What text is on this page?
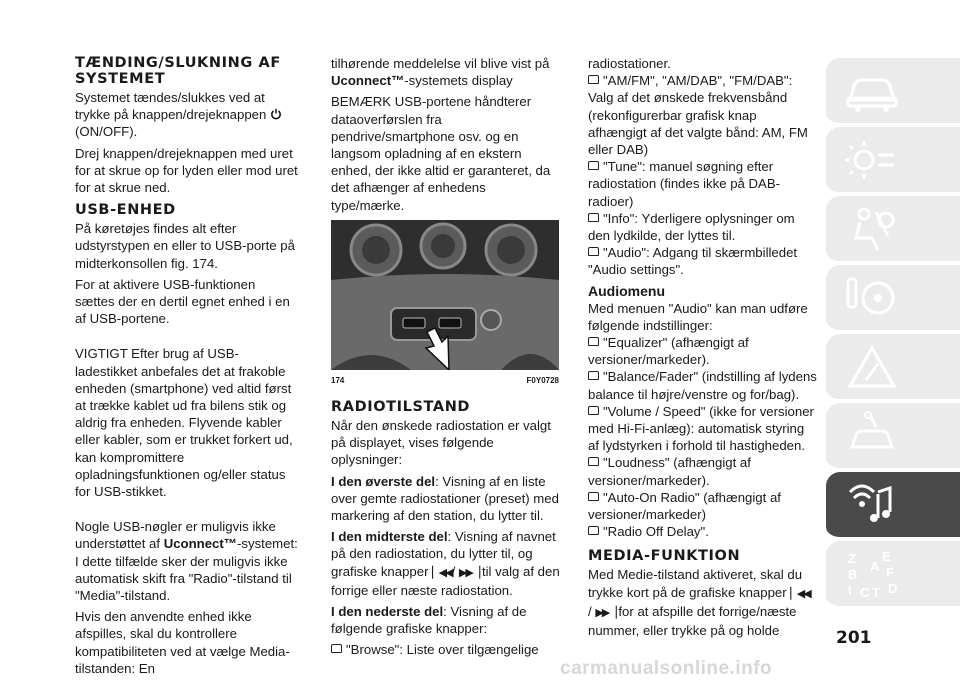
TÆNDING/SLUKNING AF SYSTEMET

Systemet tændes/slukkes ved at trykke på knappen/drejeknappen
(ON/OFF).

Drej knappen/drejeknappen med uret for at skrue op for lyden eller mod uret for at skrue ned.

USB-ENHED

På køretøjes findes alt efter udstyrstypen en eller to USB-porte på midterkonsollen fig. 174.

For at aktivere USB-funktionen sættes der en dertil egnet enhed i en af USB-portene.

VIGTIGT Efter brug af USB-ladestikket anbefales det at frakoble enheden (smartphone) ved altid først at trække kablet ud fra bilens stik og aldrig fra enheden. Flyvende kabler eller kabler, som er trukket forkert ud, kan kompromittere opladningsfunktionen og/eller status for USB-stikket.

Nogle USB-nøgler er muligvis ikke understøttet af Uconnect™-systemet: I dette tilfælde sker der muligvis ikke automatisk skift fra "Radio"-tilstand til "Media"-tilstand.

Hvis den anvendte enhed ikke afspilles, skal du kontrollere kompatibiliteten ved at vælge Media-tilstanden: En

tilhørende meddelelse vil blive vist på
Uconnect™-systemets display

BEMÆRK USB-portene håndterer dataoverførslen fra pendrive/smartphone osv. og en langsom opladning af en ekstern enhed, der ikke altid er garanteret, da det afhænger af enhedens type/mærke.

174	F0Y0728
RADIOTILSTAND

Når den ønskede radiostation er valgt på displayet, vises følgende oplysninger:

I den øverste del: Visning af en liste over gemte radiostationer (preset) med markering af den station, du lytter til.

I den midterste del: Visning af navnet på den radiostation, du lytter til, og grafiske knapper ▏◀◀/ ▶▶▕ til valg af den forrige eller næste radiostation.

I den nederste del: Visning af de følgende grafiske knapper:

"Browse": Liste over tilgængelige

radiostationer.

"AM/FM", "AM/DAB", "FM/DAB": Valg af det ønskede frekvensbånd (rekonfigurerbar grafisk knap afhængigt af det valgte bånd: AM, FM eller DAB)
"Tune": manuel søgning efter radiostation (findes ikke på DAB-radioer)
"Info": Yderligere oplysninger om den lydkilde, der lyttes til.
"Audio": Adgang til skærmbilledet "Audio settings".
Audiomenu

Med menuen "Audio" kan man udføre følgende indstillinger:

"Equalizer" (afhængigt af versioner/markeder).
"Balance/Fader" (indstilling af lydens balance til højre/venstre og for/bag).
"Volume / Speed" (ikke for versioner med Hi-Fi-anlæg): automatisk styring af lydstyrken i forhold til hastigheden.
"Loudness" (afhængigt af versioner/markeder).
"Auto-On Radio" (afhængigt af versioner/markeder)
"Radio Off Delay".
MEDIA-FUNKTION

Med Medie-tilstand aktiveret, skal du trykke kort på de grafiske knapper ▏◀◀
/ ▶▶▕ for at afspille det forrige/næste nummer, eller trykke på og holde

Z E
B F
I C T D
A
201
carmanualsonline.info
